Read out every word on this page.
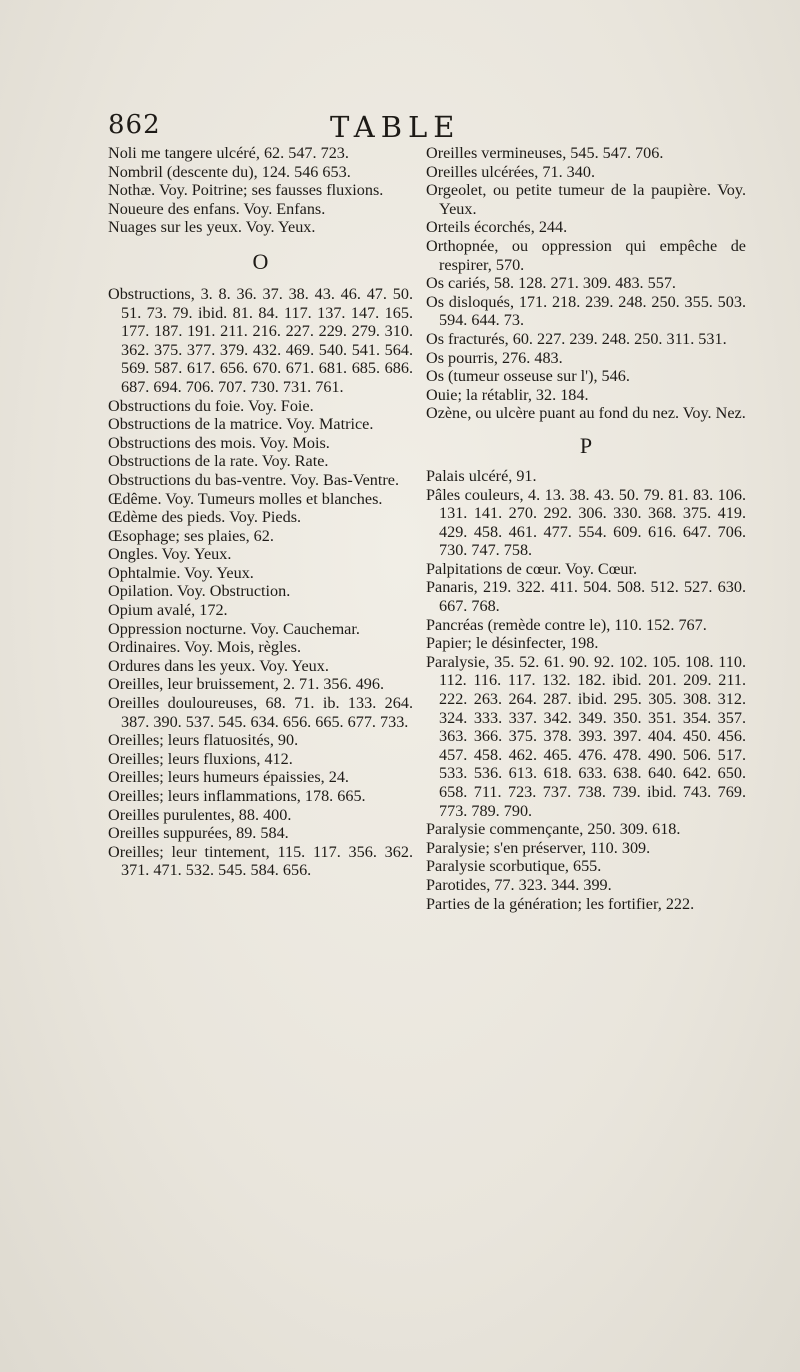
862	TABLE
Noli me tangere ulcéré, 62. 547. 723.
Nombril (descente du), 124. 546 653.
Nothæ. Voy. Poitrine; ses fausses fluxions.
Noueure des enfans. Voy. Enfans.
Nuages sur les yeux. Voy. Yeux.
O
Obstructions, 3. 8. 36. 37. 38. 43. 46. 47. 50. 51. 73. 79. ibid. 81. 84. 117. 137. 147. 165. 177. 187. 191. 211. 216. 227. 229. 279. 310. 362. 375. 377. 379. 432. 469. 540. 541. 564. 569. 587. 617. 656. 670. 671. 681. 685. 686. 687. 694. 706. 707. 730. 731. 761.
Obstructions du foie. Voy. Foie.
Obstructions de la matrice. Voy. Matrice.
Obstructions des mois. Voy. Mois.
Obstructions de la rate. Voy. Rate.
Obstructions du bas-ventre. Voy. Bas-Ventre.
Œdême. Voy. Tumeurs molles et blanches.
Œdème des pieds. Voy. Pieds.
Œsophage; ses plaies, 62.
Ongles. Voy. Yeux.
Ophtalmie. Voy. Yeux.
Opilation. Voy. Obstruction.
Opium avalé, 172.
Oppression nocturne. Voy. Cauchemar.
Ordinaires. Voy. Mois, règles.
Ordures dans les yeux. Voy. Yeux.
Oreilles, leur bruissement, 2. 71. 356. 496.
Oreilles douloureuses, 68. 71. ib. 133. 264. 387. 390. 537. 545. 634. 656. 665. 677. 733.
Oreilles; leurs flatuosités, 90.
Oreilles; leurs fluxions, 412.
Oreilles; leurs humeurs épaissies, 24.
Oreilles; leurs inflammations, 178. 665.
Oreilles purulentes, 88. 400.
Oreilles suppurées, 89. 584.
Oreilles; leur tintement, 115. 117. 356. 362. 371. 471. 532. 545. 584. 656.
Oreilles vermineuses, 545. 547. 706.
Oreilles ulcérées, 71. 340.
Orgeolet, ou petite tumeur de la paupière. Voy. Yeux.
Orteils écorchés, 244.
Orthopnée, ou oppression qui empêche de respirer, 570.
Os cariés, 58. 128. 271. 309. 483. 557.
Os disloqués, 171. 218. 239. 248. 250. 355. 503. 594. 644. 73.
Os fracturés, 60. 227. 239. 248. 250. 311. 531.
Os pourris, 276. 483.
Os (tumeur osseuse sur l'), 546.
Ouie; la rétablir, 32. 184.
Ozène, ou ulcère puant au fond du nez. Voy. Nez.
P
Palais ulcéré, 91.
Pâles couleurs, 4. 13. 38. 43. 50. 79. 81. 83. 106. 131. 141. 270. 292. 306. 330. 368. 375. 419. 429. 458. 461. 477. 554. 609. 616. 647. 706. 730. 747. 758.
Palpitations de cœur. Voy. Cœur.
Panaris, 219. 322. 411. 504. 508. 512. 527. 630. 667. 768.
Pancréas (remède contre le), 110. 152. 767.
Papier; le désinfecter, 198.
Paralysie, 35. 52. 61. 90. 92. 102. 105. 108. 110. 112. 116. 117. 132. 182. ibid. 201. 209. 211. 222. 263. 264. 287. ibid. 295. 305. 308. 312. 324. 333. 337. 342. 349. 350. 351. 354. 357. 363. 366. 375. 378. 393. 397. 404. 450. 456. 457. 458. 462. 465. 476. 478. 490. 506. 517. 533. 536. 613. 618. 633. 638. 640. 642. 650. 658. 711. 723. 737. 738. 739. ibid. 743. 769. 773. 789. 790.
Paralysie commençante, 250. 309. 618.
Paralysie; s'en préserver, 110. 309.
Paralysie scorbutique, 655.
Parotides, 77. 323. 344. 399.
Parties de la génération; les fortifier, 222.
